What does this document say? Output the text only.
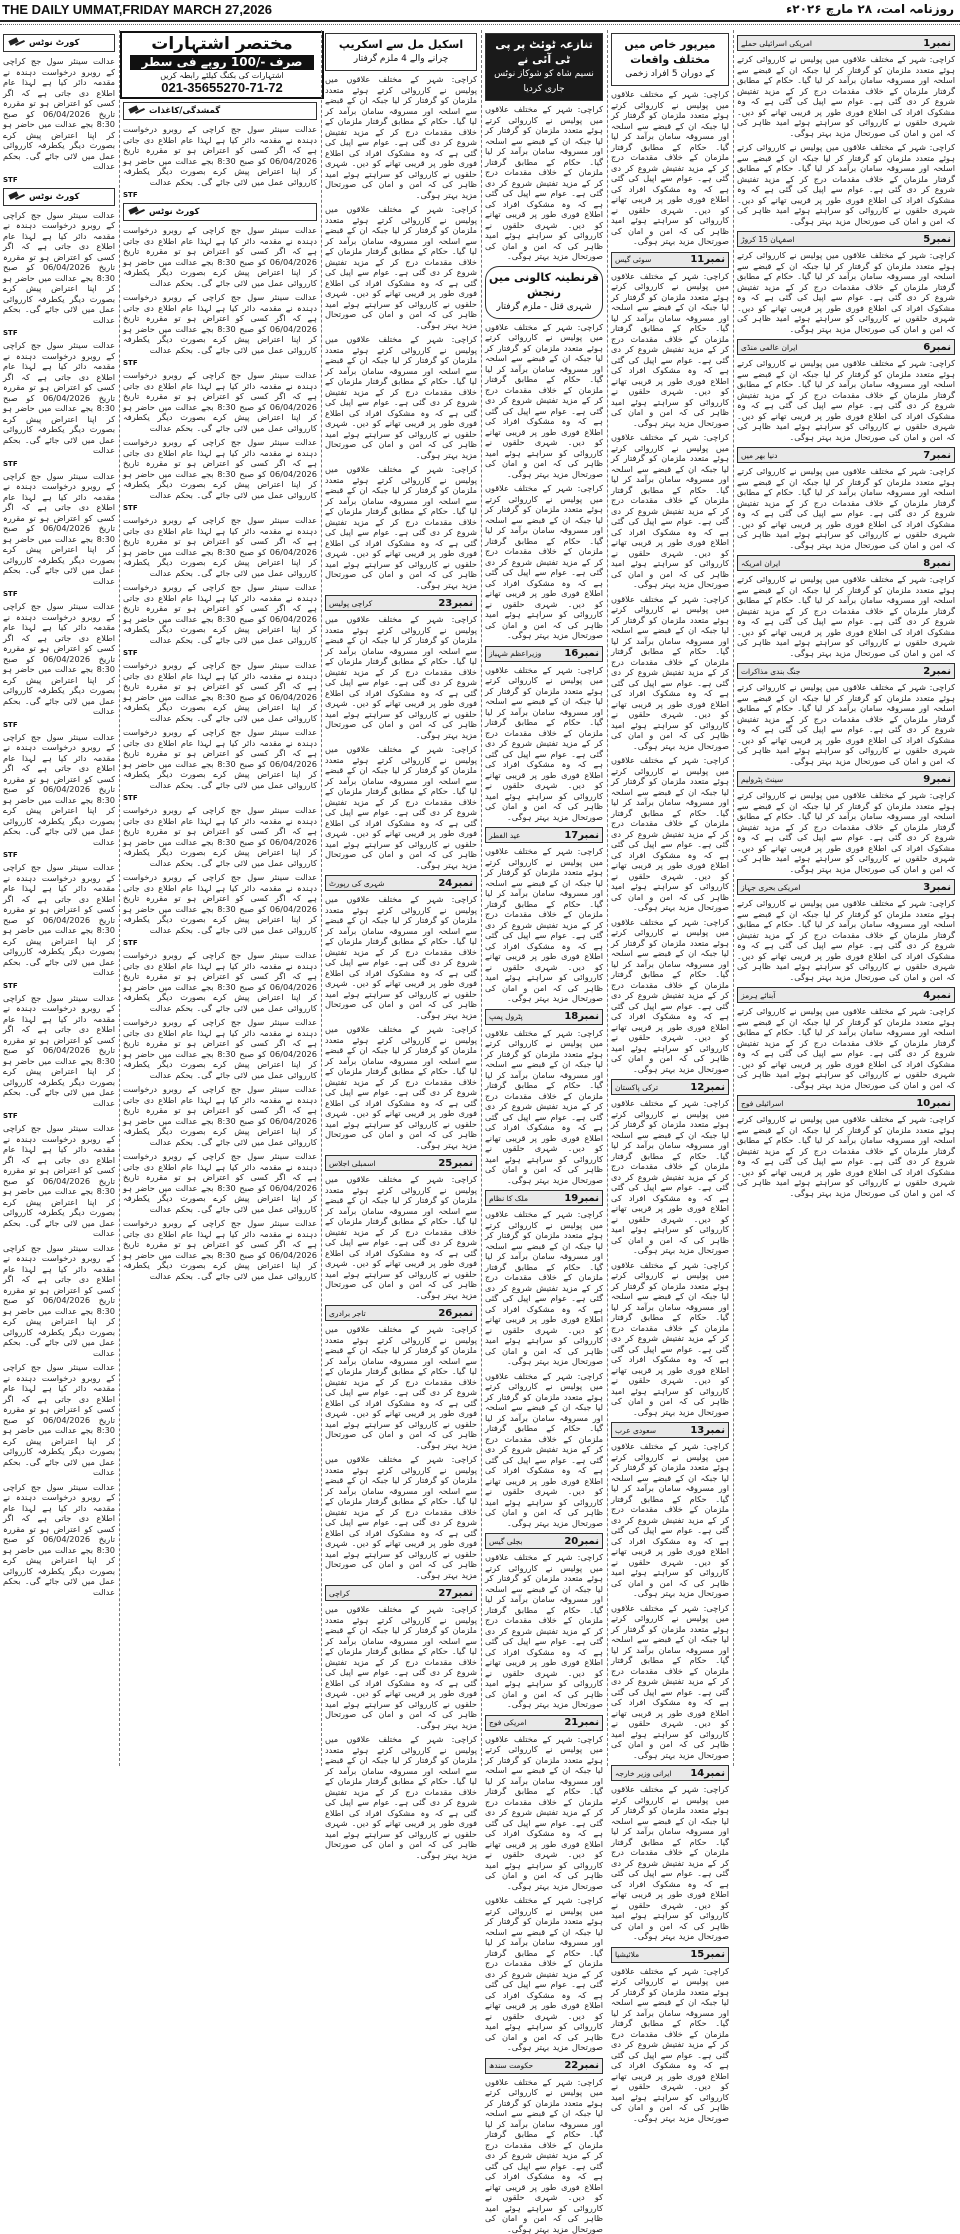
THE DAILY UMMAT,FRIDAY MARCH 27,2026	روزنامہ امت، ۲۸ مارچ ۲۰۲۶ء
مختصر اشتہارات
صرف -/100 روپے فی سطر
اشتہارات کی بکنگ کیلئے رابطہ کریں
021-35655270-71-72
کورٹ نوٹس

عدالت سینئر سول جج کراچی کے روبرو درخواست دہندہ نے مقدمہ دائر کیا ہے لہذا عام اطلاع دی جاتی ہے کہ اگر کسی کو اعتراض ہو تو مقررہ تاریخ 06/04/2026 کو صبح 8:30 بجے عدالت میں حاضر ہو کر اپنا اعتراض پیش کرے بصورت دیگر یکطرفہ کارروائی عمل میں لائی جائے گی۔ بحکم عدالت

STF
کورٹ نوٹس

عدالت سینئر سول جج کراچی کے روبرو درخواست دہندہ نے مقدمہ دائر کیا ہے لہذا عام اطلاع دی جاتی ہے کہ اگر کسی کو اعتراض ہو تو مقررہ تاریخ 06/04/2026 کو صبح 8:30 بجے عدالت میں حاضر ہو کر اپنا اعتراض پیش کرے بصورت دیگر یکطرفہ کارروائی عمل میں لائی جائے گی۔ بحکم عدالت

STF

عدالت سینئر سول جج کراچی کے روبرو درخواست دہندہ نے مقدمہ دائر کیا ہے لہذا عام اطلاع دی جاتی ہے کہ اگر کسی کو اعتراض ہو تو مقررہ تاریخ 06/04/2026 کو صبح 8:30 بجے عدالت میں حاضر ہو کر اپنا اعتراض پیش کرے بصورت دیگر یکطرفہ کارروائی عمل میں لائی جائے گی۔ بحکم عدالت

STF

عدالت سینئر سول جج کراچی کے روبرو درخواست دہندہ نے مقدمہ دائر کیا ہے لہذا عام اطلاع دی جاتی ہے کہ اگر کسی کو اعتراض ہو تو مقررہ تاریخ 06/04/2026 کو صبح 8:30 بجے عدالت میں حاضر ہو کر اپنا اعتراض پیش کرے بصورت دیگر یکطرفہ کارروائی عمل میں لائی جائے گی۔ بحکم عدالت

STF

عدالت سینئر سول جج کراچی کے روبرو درخواست دہندہ نے مقدمہ دائر کیا ہے لہذا عام اطلاع دی جاتی ہے کہ اگر کسی کو اعتراض ہو تو مقررہ تاریخ 06/04/2026 کو صبح 8:30 بجے عدالت میں حاضر ہو کر اپنا اعتراض پیش کرے بصورت دیگر یکطرفہ کارروائی عمل میں لائی جائے گی۔ بحکم عدالت

STF

عدالت سینئر سول جج کراچی کے روبرو درخواست دہندہ نے مقدمہ دائر کیا ہے لہذا عام اطلاع دی جاتی ہے کہ اگر کسی کو اعتراض ہو تو مقررہ تاریخ 06/04/2026 کو صبح 8:30 بجے عدالت میں حاضر ہو کر اپنا اعتراض پیش کرے بصورت دیگر یکطرفہ کارروائی عمل میں لائی جائے گی۔ بحکم عدالت

STF

عدالت سینئر سول جج کراچی کے روبرو درخواست دہندہ نے مقدمہ دائر کیا ہے لہذا عام اطلاع دی جاتی ہے کہ اگر کسی کو اعتراض ہو تو مقررہ تاریخ 06/04/2026 کو صبح 8:30 بجے عدالت میں حاضر ہو کر اپنا اعتراض پیش کرے بصورت دیگر یکطرفہ کارروائی عمل میں لائی جائے گی۔ بحکم عدالت

STF

عدالت سینئر سول جج کراچی کے روبرو درخواست دہندہ نے مقدمہ دائر کیا ہے لہذا عام اطلاع دی جاتی ہے کہ اگر کسی کو اعتراض ہو تو مقررہ تاریخ 06/04/2026 کو صبح 8:30 بجے عدالت میں حاضر ہو کر اپنا اعتراض پیش کرے بصورت دیگر یکطرفہ کارروائی عمل میں لائی جائے گی۔ بحکم عدالت

STF

عدالت سینئر سول جج کراچی کے روبرو درخواست دہندہ نے مقدمہ دائر کیا ہے لہذا عام اطلاع دی جاتی ہے کہ اگر کسی کو اعتراض ہو تو مقررہ تاریخ 06/04/2026 کو صبح 8:30 بجے عدالت میں حاضر ہو کر اپنا اعتراض پیش کرے بصورت دیگر یکطرفہ کارروائی عمل میں لائی جائے گی۔ بحکم عدالت

عدالت سینئر سول جج کراچی کے روبرو درخواست دہندہ نے مقدمہ دائر کیا ہے لہذا عام اطلاع دی جاتی ہے کہ اگر کسی کو اعتراض ہو تو مقررہ تاریخ 06/04/2026 کو صبح 8:30 بجے عدالت میں حاضر ہو کر اپنا اعتراض پیش کرے بصورت دیگر یکطرفہ کارروائی عمل میں لائی جائے گی۔ بحکم عدالت

عدالت سینئر سول جج کراچی کے روبرو درخواست دہندہ نے مقدمہ دائر کیا ہے لہذا عام اطلاع دی جاتی ہے کہ اگر کسی کو اعتراض ہو تو مقررہ تاریخ 06/04/2026 کو صبح 8:30 بجے عدالت میں حاضر ہو کر اپنا اعتراض پیش کرے بصورت دیگر یکطرفہ کارروائی عمل میں لائی جائے گی۔ بحکم عدالت

عدالت سینئر سول جج کراچی کے روبرو درخواست دہندہ نے مقدمہ دائر کیا ہے لہذا عام اطلاع دی جاتی ہے کہ اگر کسی کو اعتراض ہو تو مقررہ تاریخ 06/04/2026 کو صبح 8:30 بجے عدالت میں حاضر ہو کر اپنا اعتراض پیش کرے بصورت دیگر یکطرفہ کارروائی عمل میں لائی جائے گی۔ بحکم عدالت

گمشدگی/کاغذات

عدالت سینئر سول جج کراچی کے روبرو درخواست دہندہ نے مقدمہ دائر کیا ہے لہذا عام اطلاع دی جاتی ہے کہ اگر کسی کو اعتراض ہو تو مقررہ تاریخ 06/04/2026 کو صبح 8:30 بجے عدالت میں حاضر ہو کر اپنا اعتراض پیش کرے بصورت دیگر یکطرفہ کارروائی عمل میں لائی جائے گی۔ بحکم عدالت

STF
کورٹ نوٹس

عدالت سینئر سول جج کراچی کے روبرو درخواست دہندہ نے مقدمہ دائر کیا ہے لہذا عام اطلاع دی جاتی ہے کہ اگر کسی کو اعتراض ہو تو مقررہ تاریخ 06/04/2026 کو صبح 8:30 بجے عدالت میں حاضر ہو کر اپنا اعتراض پیش کرے بصورت دیگر یکطرفہ کارروائی عمل میں لائی جائے گی۔ بحکم عدالت

عدالت سینئر سول جج کراچی کے روبرو درخواست دہندہ نے مقدمہ دائر کیا ہے لہذا عام اطلاع دی جاتی ہے کہ اگر کسی کو اعتراض ہو تو مقررہ تاریخ 06/04/2026 کو صبح 8:30 بجے عدالت میں حاضر ہو کر اپنا اعتراض پیش کرے بصورت دیگر یکطرفہ کارروائی عمل میں لائی جائے گی۔ بحکم عدالت

STF

عدالت سینئر سول جج کراچی کے روبرو درخواست دہندہ نے مقدمہ دائر کیا ہے لہذا عام اطلاع دی جاتی ہے کہ اگر کسی کو اعتراض ہو تو مقررہ تاریخ 06/04/2026 کو صبح 8:30 بجے عدالت میں حاضر ہو کر اپنا اعتراض پیش کرے بصورت دیگر یکطرفہ کارروائی عمل میں لائی جائے گی۔ بحکم عدالت

عدالت سینئر سول جج کراچی کے روبرو درخواست دہندہ نے مقدمہ دائر کیا ہے لہذا عام اطلاع دی جاتی ہے کہ اگر کسی کو اعتراض ہو تو مقررہ تاریخ 06/04/2026 کو صبح 8:30 بجے عدالت میں حاضر ہو کر اپنا اعتراض پیش کرے بصورت دیگر یکطرفہ کارروائی عمل میں لائی جائے گی۔ بحکم عدالت

STF

عدالت سینئر سول جج کراچی کے روبرو درخواست دہندہ نے مقدمہ دائر کیا ہے لہذا عام اطلاع دی جاتی ہے کہ اگر کسی کو اعتراض ہو تو مقررہ تاریخ 06/04/2026 کو صبح 8:30 بجے عدالت میں حاضر ہو کر اپنا اعتراض پیش کرے بصورت دیگر یکطرفہ کارروائی عمل میں لائی جائے گی۔ بحکم عدالت

عدالت سینئر سول جج کراچی کے روبرو درخواست دہندہ نے مقدمہ دائر کیا ہے لہذا عام اطلاع دی جاتی ہے کہ اگر کسی کو اعتراض ہو تو مقررہ تاریخ 06/04/2026 کو صبح 8:30 بجے عدالت میں حاضر ہو کر اپنا اعتراض پیش کرے بصورت دیگر یکطرفہ کارروائی عمل میں لائی جائے گی۔ بحکم عدالت

STF

عدالت سینئر سول جج کراچی کے روبرو درخواست دہندہ نے مقدمہ دائر کیا ہے لہذا عام اطلاع دی جاتی ہے کہ اگر کسی کو اعتراض ہو تو مقررہ تاریخ 06/04/2026 کو صبح 8:30 بجے عدالت میں حاضر ہو کر اپنا اعتراض پیش کرے بصورت دیگر یکطرفہ کارروائی عمل میں لائی جائے گی۔ بحکم عدالت

عدالت سینئر سول جج کراچی کے روبرو درخواست دہندہ نے مقدمہ دائر کیا ہے لہذا عام اطلاع دی جاتی ہے کہ اگر کسی کو اعتراض ہو تو مقررہ تاریخ 06/04/2026 کو صبح 8:30 بجے عدالت میں حاضر ہو کر اپنا اعتراض پیش کرے بصورت دیگر یکطرفہ کارروائی عمل میں لائی جائے گی۔ بحکم عدالت

STF

عدالت سینئر سول جج کراچی کے روبرو درخواست دہندہ نے مقدمہ دائر کیا ہے لہذا عام اطلاع دی جاتی ہے کہ اگر کسی کو اعتراض ہو تو مقررہ تاریخ 06/04/2026 کو صبح 8:30 بجے عدالت میں حاضر ہو کر اپنا اعتراض پیش کرے بصورت دیگر یکطرفہ کارروائی عمل میں لائی جائے گی۔ بحکم عدالت

عدالت سینئر سول جج کراچی کے روبرو درخواست دہندہ نے مقدمہ دائر کیا ہے لہذا عام اطلاع دی جاتی ہے کہ اگر کسی کو اعتراض ہو تو مقررہ تاریخ 06/04/2026 کو صبح 8:30 بجے عدالت میں حاضر ہو کر اپنا اعتراض پیش کرے بصورت دیگر یکطرفہ کارروائی عمل میں لائی جائے گی۔ بحکم عدالت

STF

عدالت سینئر سول جج کراچی کے روبرو درخواست دہندہ نے مقدمہ دائر کیا ہے لہذا عام اطلاع دی جاتی ہے کہ اگر کسی کو اعتراض ہو تو مقررہ تاریخ 06/04/2026 کو صبح 8:30 بجے عدالت میں حاضر ہو کر اپنا اعتراض پیش کرے بصورت دیگر یکطرفہ کارروائی عمل میں لائی جائے گی۔ بحکم عدالت

عدالت سینئر سول جج کراچی کے روبرو درخواست دہندہ نے مقدمہ دائر کیا ہے لہذا عام اطلاع دی جاتی ہے کہ اگر کسی کو اعتراض ہو تو مقررہ تاریخ 06/04/2026 کو صبح 8:30 بجے عدالت میں حاضر ہو کر اپنا اعتراض پیش کرے بصورت دیگر یکطرفہ کارروائی عمل میں لائی جائے گی۔ بحکم عدالت

عدالت سینئر سول جج کراچی کے روبرو درخواست دہندہ نے مقدمہ دائر کیا ہے لہذا عام اطلاع دی جاتی ہے کہ اگر کسی کو اعتراض ہو تو مقررہ تاریخ 06/04/2026 کو صبح 8:30 بجے عدالت میں حاضر ہو کر اپنا اعتراض پیش کرے بصورت دیگر یکطرفہ کارروائی عمل میں لائی جائے گی۔ بحکم عدالت

عدالت سینئر سول جج کراچی کے روبرو درخواست دہندہ نے مقدمہ دائر کیا ہے لہذا عام اطلاع دی جاتی ہے کہ اگر کسی کو اعتراض ہو تو مقررہ تاریخ 06/04/2026 کو صبح 8:30 بجے عدالت میں حاضر ہو کر اپنا اعتراض پیش کرے بصورت دیگر یکطرفہ کارروائی عمل میں لائی جائے گی۔ بحکم عدالت

عدالت سینئر سول جج کراچی کے روبرو درخواست دہندہ نے مقدمہ دائر کیا ہے لہذا عام اطلاع دی جاتی ہے کہ اگر کسی کو اعتراض ہو تو مقررہ تاریخ 06/04/2026 کو صبح 8:30 بجے عدالت میں حاضر ہو کر اپنا اعتراض پیش کرے بصورت دیگر یکطرفہ کارروائی عمل میں لائی جائے گی۔ بحکم عدالت

اسکیل مل سے اسکریپ
چرانے والے 4 ملزم گرفتار

کراچی: شہر کے مختلف علاقوں میں پولیس نے کارروائی کرتے ہوئے متعدد ملزمان کو گرفتار کر لیا جبکہ ان کے قبضے سے اسلحہ اور مسروقہ سامان برآمد کر لیا گیا۔ حکام کے مطابق گرفتار ملزمان کے خلاف مقدمات درج کر کے مزید تفتیش شروع کر دی گئی ہے۔ عوام سے اپیل کی گئی ہے کہ وہ مشکوک افراد کی اطلاع فوری طور پر قریبی تھانے کو دیں۔ شہری حلقوں نے کارروائی کو سراہتے ہوئے امید ظاہر کی کہ امن و امان کی صورتحال مزید بہتر ہوگی۔

کراچی: شہر کے مختلف علاقوں میں پولیس نے کارروائی کرتے ہوئے متعدد ملزمان کو گرفتار کر لیا جبکہ ان کے قبضے سے اسلحہ اور مسروقہ سامان برآمد کر لیا گیا۔ حکام کے مطابق گرفتار ملزمان کے خلاف مقدمات درج کر کے مزید تفتیش شروع کر دی گئی ہے۔ عوام سے اپیل کی گئی ہے کہ وہ مشکوک افراد کی اطلاع فوری طور پر قریبی تھانے کو دیں۔ شہری حلقوں نے کارروائی کو سراہتے ہوئے امید ظاہر کی کہ امن و امان کی صورتحال مزید بہتر ہوگی۔

کراچی: شہر کے مختلف علاقوں میں پولیس نے کارروائی کرتے ہوئے متعدد ملزمان کو گرفتار کر لیا جبکہ ان کے قبضے سے اسلحہ اور مسروقہ سامان برآمد کر لیا گیا۔ حکام کے مطابق گرفتار ملزمان کے خلاف مقدمات درج کر کے مزید تفتیش شروع کر دی گئی ہے۔ عوام سے اپیل کی گئی ہے کہ وہ مشکوک افراد کی اطلاع فوری طور پر قریبی تھانے کو دیں۔ شہری حلقوں نے کارروائی کو سراہتے ہوئے امید ظاہر کی کہ امن و امان کی صورتحال مزید بہتر ہوگی۔

کراچی: شہر کے مختلف علاقوں میں پولیس نے کارروائی کرتے ہوئے متعدد ملزمان کو گرفتار کر لیا جبکہ ان کے قبضے سے اسلحہ اور مسروقہ سامان برآمد کر لیا گیا۔ حکام کے مطابق گرفتار ملزمان کے خلاف مقدمات درج کر کے مزید تفتیش شروع کر دی گئی ہے۔ عوام سے اپیل کی گئی ہے کہ وہ مشکوک افراد کی اطلاع فوری طور پر قریبی تھانے کو دیں۔ شہری حلقوں نے کارروائی کو سراہتے ہوئے امید ظاہر کی کہ امن و امان کی صورتحال مزید بہتر ہوگی۔

نمبر23
کراچی پولیس

کراچی: شہر کے مختلف علاقوں میں پولیس نے کارروائی کرتے ہوئے متعدد ملزمان کو گرفتار کر لیا جبکہ ان کے قبضے سے اسلحہ اور مسروقہ سامان برآمد کر لیا گیا۔ حکام کے مطابق گرفتار ملزمان کے خلاف مقدمات درج کر کے مزید تفتیش شروع کر دی گئی ہے۔ عوام سے اپیل کی گئی ہے کہ وہ مشکوک افراد کی اطلاع فوری طور پر قریبی تھانے کو دیں۔ شہری حلقوں نے کارروائی کو سراہتے ہوئے امید ظاہر کی کہ امن و امان کی صورتحال مزید بہتر ہوگی۔

کراچی: شہر کے مختلف علاقوں میں پولیس نے کارروائی کرتے ہوئے متعدد ملزمان کو گرفتار کر لیا جبکہ ان کے قبضے سے اسلحہ اور مسروقہ سامان برآمد کر لیا گیا۔ حکام کے مطابق گرفتار ملزمان کے خلاف مقدمات درج کر کے مزید تفتیش شروع کر دی گئی ہے۔ عوام سے اپیل کی گئی ہے کہ وہ مشکوک افراد کی اطلاع فوری طور پر قریبی تھانے کو دیں۔ شہری حلقوں نے کارروائی کو سراہتے ہوئے امید ظاہر کی کہ امن و امان کی صورتحال مزید بہتر ہوگی۔

نمبر24
شہری کی رپورٹ

کراچی: شہر کے مختلف علاقوں میں پولیس نے کارروائی کرتے ہوئے متعدد ملزمان کو گرفتار کر لیا جبکہ ان کے قبضے سے اسلحہ اور مسروقہ سامان برآمد کر لیا گیا۔ حکام کے مطابق گرفتار ملزمان کے خلاف مقدمات درج کر کے مزید تفتیش شروع کر دی گئی ہے۔ عوام سے اپیل کی گئی ہے کہ وہ مشکوک افراد کی اطلاع فوری طور پر قریبی تھانے کو دیں۔ شہری حلقوں نے کارروائی کو سراہتے ہوئے امید ظاہر کی کہ امن و امان کی صورتحال مزید بہتر ہوگی۔

کراچی: شہر کے مختلف علاقوں میں پولیس نے کارروائی کرتے ہوئے متعدد ملزمان کو گرفتار کر لیا جبکہ ان کے قبضے سے اسلحہ اور مسروقہ سامان برآمد کر لیا گیا۔ حکام کے مطابق گرفتار ملزمان کے خلاف مقدمات درج کر کے مزید تفتیش شروع کر دی گئی ہے۔ عوام سے اپیل کی گئی ہے کہ وہ مشکوک افراد کی اطلاع فوری طور پر قریبی تھانے کو دیں۔ شہری حلقوں نے کارروائی کو سراہتے ہوئے امید ظاہر کی کہ امن و امان کی صورتحال مزید بہتر ہوگی۔

نمبر25
اسمبلی اجلاس

کراچی: شہر کے مختلف علاقوں میں پولیس نے کارروائی کرتے ہوئے متعدد ملزمان کو گرفتار کر لیا جبکہ ان کے قبضے سے اسلحہ اور مسروقہ سامان برآمد کر لیا گیا۔ حکام کے مطابق گرفتار ملزمان کے خلاف مقدمات درج کر کے مزید تفتیش شروع کر دی گئی ہے۔ عوام سے اپیل کی گئی ہے کہ وہ مشکوک افراد کی اطلاع فوری طور پر قریبی تھانے کو دیں۔ شہری حلقوں نے کارروائی کو سراہتے ہوئے امید ظاہر کی کہ امن و امان کی صورتحال مزید بہتر ہوگی۔

نمبر26
تاجر برادری

کراچی: شہر کے مختلف علاقوں میں پولیس نے کارروائی کرتے ہوئے متعدد ملزمان کو گرفتار کر لیا جبکہ ان کے قبضے سے اسلحہ اور مسروقہ سامان برآمد کر لیا گیا۔ حکام کے مطابق گرفتار ملزمان کے خلاف مقدمات درج کر کے مزید تفتیش شروع کر دی گئی ہے۔ عوام سے اپیل کی گئی ہے کہ وہ مشکوک افراد کی اطلاع فوری طور پر قریبی تھانے کو دیں۔ شہری حلقوں نے کارروائی کو سراہتے ہوئے امید ظاہر کی کہ امن و امان کی صورتحال مزید بہتر ہوگی۔

کراچی: شہر کے مختلف علاقوں میں پولیس نے کارروائی کرتے ہوئے متعدد ملزمان کو گرفتار کر لیا جبکہ ان کے قبضے سے اسلحہ اور مسروقہ سامان برآمد کر لیا گیا۔ حکام کے مطابق گرفتار ملزمان کے خلاف مقدمات درج کر کے مزید تفتیش شروع کر دی گئی ہے۔ عوام سے اپیل کی گئی ہے کہ وہ مشکوک افراد کی اطلاع فوری طور پر قریبی تھانے کو دیں۔ شہری حلقوں نے کارروائی کو سراہتے ہوئے امید ظاہر کی کہ امن و امان کی صورتحال مزید بہتر ہوگی۔

نمبر27
کراچی

کراچی: شہر کے مختلف علاقوں میں پولیس نے کارروائی کرتے ہوئے متعدد ملزمان کو گرفتار کر لیا جبکہ ان کے قبضے سے اسلحہ اور مسروقہ سامان برآمد کر لیا گیا۔ حکام کے مطابق گرفتار ملزمان کے خلاف مقدمات درج کر کے مزید تفتیش شروع کر دی گئی ہے۔ عوام سے اپیل کی گئی ہے کہ وہ مشکوک افراد کی اطلاع فوری طور پر قریبی تھانے کو دیں۔ شہری حلقوں نے کارروائی کو سراہتے ہوئے امید ظاہر کی کہ امن و امان کی صورتحال مزید بہتر ہوگی۔

کراچی: شہر کے مختلف علاقوں میں پولیس نے کارروائی کرتے ہوئے متعدد ملزمان کو گرفتار کر لیا جبکہ ان کے قبضے سے اسلحہ اور مسروقہ سامان برآمد کر لیا گیا۔ حکام کے مطابق گرفتار ملزمان کے خلاف مقدمات درج کر کے مزید تفتیش شروع کر دی گئی ہے۔ عوام سے اپیل کی گئی ہے کہ وہ مشکوک افراد کی اطلاع فوری طور پر قریبی تھانے کو دیں۔ شہری حلقوں نے کارروائی کو سراہتے ہوئے امید ظاہر کی کہ امن و امان کی صورتحال مزید بہتر ہوگی۔

تنازعہ ٹوئٹ پر پی ٹی آئی نے
نسیم شاہ کو شوکاز نوٹس جاری کردیا

کراچی: شہر کے مختلف علاقوں میں پولیس نے کارروائی کرتے ہوئے متعدد ملزمان کو گرفتار کر لیا جبکہ ان کے قبضے سے اسلحہ اور مسروقہ سامان برآمد کر لیا گیا۔ حکام کے مطابق گرفتار ملزمان کے خلاف مقدمات درج کر کے مزید تفتیش شروع کر دی گئی ہے۔ عوام سے اپیل کی گئی ہے کہ وہ مشکوک افراد کی اطلاع فوری طور پر قریبی تھانے کو دیں۔ شہری حلقوں نے کارروائی کو سراہتے ہوئے امید ظاہر کی کہ امن و امان کی صورتحال مزید بہتر ہوگی۔

قرنطینہ کالونی میں رنجش
شہری قتل - ملزم گرفتار

کراچی: شہر کے مختلف علاقوں میں پولیس نے کارروائی کرتے ہوئے متعدد ملزمان کو گرفتار کر لیا جبکہ ان کے قبضے سے اسلحہ اور مسروقہ سامان برآمد کر لیا گیا۔ حکام کے مطابق گرفتار ملزمان کے خلاف مقدمات درج کر کے مزید تفتیش شروع کر دی گئی ہے۔ عوام سے اپیل کی گئی ہے کہ وہ مشکوک افراد کی اطلاع فوری طور پر قریبی تھانے کو دیں۔ شہری حلقوں نے کارروائی کو سراہتے ہوئے امید ظاہر کی کہ امن و امان کی صورتحال مزید بہتر ہوگی۔

کراچی: شہر کے مختلف علاقوں میں پولیس نے کارروائی کرتے ہوئے متعدد ملزمان کو گرفتار کر لیا جبکہ ان کے قبضے سے اسلحہ اور مسروقہ سامان برآمد کر لیا گیا۔ حکام کے مطابق گرفتار ملزمان کے خلاف مقدمات درج کر کے مزید تفتیش شروع کر دی گئی ہے۔ عوام سے اپیل کی گئی ہے کہ وہ مشکوک افراد کی اطلاع فوری طور پر قریبی تھانے کو دیں۔ شہری حلقوں نے کارروائی کو سراہتے ہوئے امید ظاہر کی کہ امن و امان کی صورتحال مزید بہتر ہوگی۔

نمبر16
وزیراعظم شہباز

کراچی: شہر کے مختلف علاقوں میں پولیس نے کارروائی کرتے ہوئے متعدد ملزمان کو گرفتار کر لیا جبکہ ان کے قبضے سے اسلحہ اور مسروقہ سامان برآمد کر لیا گیا۔ حکام کے مطابق گرفتار ملزمان کے خلاف مقدمات درج کر کے مزید تفتیش شروع کر دی گئی ہے۔ عوام سے اپیل کی گئی ہے کہ وہ مشکوک افراد کی اطلاع فوری طور پر قریبی تھانے کو دیں۔ شہری حلقوں نے کارروائی کو سراہتے ہوئے امید ظاہر کی کہ امن و امان کی صورتحال مزید بہتر ہوگی۔

نمبر17
عید الفطر

کراچی: شہر کے مختلف علاقوں میں پولیس نے کارروائی کرتے ہوئے متعدد ملزمان کو گرفتار کر لیا جبکہ ان کے قبضے سے اسلحہ اور مسروقہ سامان برآمد کر لیا گیا۔ حکام کے مطابق گرفتار ملزمان کے خلاف مقدمات درج کر کے مزید تفتیش شروع کر دی گئی ہے۔ عوام سے اپیل کی گئی ہے کہ وہ مشکوک افراد کی اطلاع فوری طور پر قریبی تھانے کو دیں۔ شہری حلقوں نے کارروائی کو سراہتے ہوئے امید ظاہر کی کہ امن و امان کی صورتحال مزید بہتر ہوگی۔

نمبر18
پٹرول پمپ

کراچی: شہر کے مختلف علاقوں میں پولیس نے کارروائی کرتے ہوئے متعدد ملزمان کو گرفتار کر لیا جبکہ ان کے قبضے سے اسلحہ اور مسروقہ سامان برآمد کر لیا گیا۔ حکام کے مطابق گرفتار ملزمان کے خلاف مقدمات درج کر کے مزید تفتیش شروع کر دی گئی ہے۔ عوام سے اپیل کی گئی ہے کہ وہ مشکوک افراد کی اطلاع فوری طور پر قریبی تھانے کو دیں۔ شہری حلقوں نے کارروائی کو سراہتے ہوئے امید ظاہر کی کہ امن و امان کی صورتحال مزید بہتر ہوگی۔

نمبر19
ملک کا نظام

کراچی: شہر کے مختلف علاقوں میں پولیس نے کارروائی کرتے ہوئے متعدد ملزمان کو گرفتار کر لیا جبکہ ان کے قبضے سے اسلحہ اور مسروقہ سامان برآمد کر لیا گیا۔ حکام کے مطابق گرفتار ملزمان کے خلاف مقدمات درج کر کے مزید تفتیش شروع کر دی گئی ہے۔ عوام سے اپیل کی گئی ہے کہ وہ مشکوک افراد کی اطلاع فوری طور پر قریبی تھانے کو دیں۔ شہری حلقوں نے کارروائی کو سراہتے ہوئے امید ظاہر کی کہ امن و امان کی صورتحال مزید بہتر ہوگی۔

کراچی: شہر کے مختلف علاقوں میں پولیس نے کارروائی کرتے ہوئے متعدد ملزمان کو گرفتار کر لیا جبکہ ان کے قبضے سے اسلحہ اور مسروقہ سامان برآمد کر لیا گیا۔ حکام کے مطابق گرفتار ملزمان کے خلاف مقدمات درج کر کے مزید تفتیش شروع کر دی گئی ہے۔ عوام سے اپیل کی گئی ہے کہ وہ مشکوک افراد کی اطلاع فوری طور پر قریبی تھانے کو دیں۔ شہری حلقوں نے کارروائی کو سراہتے ہوئے امید ظاہر کی کہ امن و امان کی صورتحال مزید بہتر ہوگی۔

نمبر20
بجلی گیس

کراچی: شہر کے مختلف علاقوں میں پولیس نے کارروائی کرتے ہوئے متعدد ملزمان کو گرفتار کر لیا جبکہ ان کے قبضے سے اسلحہ اور مسروقہ سامان برآمد کر لیا گیا۔ حکام کے مطابق گرفتار ملزمان کے خلاف مقدمات درج کر کے مزید تفتیش شروع کر دی گئی ہے۔ عوام سے اپیل کی گئی ہے کہ وہ مشکوک افراد کی اطلاع فوری طور پر قریبی تھانے کو دیں۔ شہری حلقوں نے کارروائی کو سراہتے ہوئے امید ظاہر کی کہ امن و امان کی صورتحال مزید بہتر ہوگی۔

نمبر21
امریکی فوج

کراچی: شہر کے مختلف علاقوں میں پولیس نے کارروائی کرتے ہوئے متعدد ملزمان کو گرفتار کر لیا جبکہ ان کے قبضے سے اسلحہ اور مسروقہ سامان برآمد کر لیا گیا۔ حکام کے مطابق گرفتار ملزمان کے خلاف مقدمات درج کر کے مزید تفتیش شروع کر دی گئی ہے۔ عوام سے اپیل کی گئی ہے کہ وہ مشکوک افراد کی اطلاع فوری طور پر قریبی تھانے کو دیں۔ شہری حلقوں نے کارروائی کو سراہتے ہوئے امید ظاہر کی کہ امن و امان کی صورتحال مزید بہتر ہوگی۔

کراچی: شہر کے مختلف علاقوں میں پولیس نے کارروائی کرتے ہوئے متعدد ملزمان کو گرفتار کر لیا جبکہ ان کے قبضے سے اسلحہ اور مسروقہ سامان برآمد کر لیا گیا۔ حکام کے مطابق گرفتار ملزمان کے خلاف مقدمات درج کر کے مزید تفتیش شروع کر دی گئی ہے۔ عوام سے اپیل کی گئی ہے کہ وہ مشکوک افراد کی اطلاع فوری طور پر قریبی تھانے کو دیں۔ شہری حلقوں نے کارروائی کو سراہتے ہوئے امید ظاہر کی کہ امن و امان کی صورتحال مزید بہتر ہوگی۔

نمبر22
حکومت سندھ

کراچی: شہر کے مختلف علاقوں میں پولیس نے کارروائی کرتے ہوئے متعدد ملزمان کو گرفتار کر لیا جبکہ ان کے قبضے سے اسلحہ اور مسروقہ سامان برآمد کر لیا گیا۔ حکام کے مطابق گرفتار ملزمان کے خلاف مقدمات درج کر کے مزید تفتیش شروع کر دی گئی ہے۔ عوام سے اپیل کی گئی ہے کہ وہ مشکوک افراد کی اطلاع فوری طور پر قریبی تھانے کو دیں۔ شہری حلقوں نے کارروائی کو سراہتے ہوئے امید ظاہر کی کہ امن و امان کی صورتحال مزید بہتر ہوگی۔

میرپور خاص میں مختلف واقعات
کے دوران 5 افراد زخمی

کراچی: شہر کے مختلف علاقوں میں پولیس نے کارروائی کرتے ہوئے متعدد ملزمان کو گرفتار کر لیا جبکہ ان کے قبضے سے اسلحہ اور مسروقہ سامان برآمد کر لیا گیا۔ حکام کے مطابق گرفتار ملزمان کے خلاف مقدمات درج کر کے مزید تفتیش شروع کر دی گئی ہے۔ عوام سے اپیل کی گئی ہے کہ وہ مشکوک افراد کی اطلاع فوری طور پر قریبی تھانے کو دیں۔ شہری حلقوں نے کارروائی کو سراہتے ہوئے امید ظاہر کی کہ امن و امان کی صورتحال مزید بہتر ہوگی۔

نمبر11
سوئی گیس

کراچی: شہر کے مختلف علاقوں میں پولیس نے کارروائی کرتے ہوئے متعدد ملزمان کو گرفتار کر لیا جبکہ ان کے قبضے سے اسلحہ اور مسروقہ سامان برآمد کر لیا گیا۔ حکام کے مطابق گرفتار ملزمان کے خلاف مقدمات درج کر کے مزید تفتیش شروع کر دی گئی ہے۔ عوام سے اپیل کی گئی ہے کہ وہ مشکوک افراد کی اطلاع فوری طور پر قریبی تھانے کو دیں۔ شہری حلقوں نے کارروائی کو سراہتے ہوئے امید ظاہر کی کہ امن و امان کی صورتحال مزید بہتر ہوگی۔

کراچی: شہر کے مختلف علاقوں میں پولیس نے کارروائی کرتے ہوئے متعدد ملزمان کو گرفتار کر لیا جبکہ ان کے قبضے سے اسلحہ اور مسروقہ سامان برآمد کر لیا گیا۔ حکام کے مطابق گرفتار ملزمان کے خلاف مقدمات درج کر کے مزید تفتیش شروع کر دی گئی ہے۔ عوام سے اپیل کی گئی ہے کہ وہ مشکوک افراد کی اطلاع فوری طور پر قریبی تھانے کو دیں۔ شہری حلقوں نے کارروائی کو سراہتے ہوئے امید ظاہر کی کہ امن و امان کی صورتحال مزید بہتر ہوگی۔

کراچی: شہر کے مختلف علاقوں میں پولیس نے کارروائی کرتے ہوئے متعدد ملزمان کو گرفتار کر لیا جبکہ ان کے قبضے سے اسلحہ اور مسروقہ سامان برآمد کر لیا گیا۔ حکام کے مطابق گرفتار ملزمان کے خلاف مقدمات درج کر کے مزید تفتیش شروع کر دی گئی ہے۔ عوام سے اپیل کی گئی ہے کہ وہ مشکوک افراد کی اطلاع فوری طور پر قریبی تھانے کو دیں۔ شہری حلقوں نے کارروائی کو سراہتے ہوئے امید ظاہر کی کہ امن و امان کی صورتحال مزید بہتر ہوگی۔

کراچی: شہر کے مختلف علاقوں میں پولیس نے کارروائی کرتے ہوئے متعدد ملزمان کو گرفتار کر لیا جبکہ ان کے قبضے سے اسلحہ اور مسروقہ سامان برآمد کر لیا گیا۔ حکام کے مطابق گرفتار ملزمان کے خلاف مقدمات درج کر کے مزید تفتیش شروع کر دی گئی ہے۔ عوام سے اپیل کی گئی ہے کہ وہ مشکوک افراد کی اطلاع فوری طور پر قریبی تھانے کو دیں۔ شہری حلقوں نے کارروائی کو سراہتے ہوئے امید ظاہر کی کہ امن و امان کی صورتحال مزید بہتر ہوگی۔

کراچی: شہر کے مختلف علاقوں میں پولیس نے کارروائی کرتے ہوئے متعدد ملزمان کو گرفتار کر لیا جبکہ ان کے قبضے سے اسلحہ اور مسروقہ سامان برآمد کر لیا گیا۔ حکام کے مطابق گرفتار ملزمان کے خلاف مقدمات درج کر کے مزید تفتیش شروع کر دی گئی ہے۔ عوام سے اپیل کی گئی ہے کہ وہ مشکوک افراد کی اطلاع فوری طور پر قریبی تھانے کو دیں۔ شہری حلقوں نے کارروائی کو سراہتے ہوئے امید ظاہر کی کہ امن و امان کی صورتحال مزید بہتر ہوگی۔

نمبر12
ترکی پاکستان

کراچی: شہر کے مختلف علاقوں میں پولیس نے کارروائی کرتے ہوئے متعدد ملزمان کو گرفتار کر لیا جبکہ ان کے قبضے سے اسلحہ اور مسروقہ سامان برآمد کر لیا گیا۔ حکام کے مطابق گرفتار ملزمان کے خلاف مقدمات درج کر کے مزید تفتیش شروع کر دی گئی ہے۔ عوام سے اپیل کی گئی ہے کہ وہ مشکوک افراد کی اطلاع فوری طور پر قریبی تھانے کو دیں۔ شہری حلقوں نے کارروائی کو سراہتے ہوئے امید ظاہر کی کہ امن و امان کی صورتحال مزید بہتر ہوگی۔

کراچی: شہر کے مختلف علاقوں میں پولیس نے کارروائی کرتے ہوئے متعدد ملزمان کو گرفتار کر لیا جبکہ ان کے قبضے سے اسلحہ اور مسروقہ سامان برآمد کر لیا گیا۔ حکام کے مطابق گرفتار ملزمان کے خلاف مقدمات درج کر کے مزید تفتیش شروع کر دی گئی ہے۔ عوام سے اپیل کی گئی ہے کہ وہ مشکوک افراد کی اطلاع فوری طور پر قریبی تھانے کو دیں۔ شہری حلقوں نے کارروائی کو سراہتے ہوئے امید ظاہر کی کہ امن و امان کی صورتحال مزید بہتر ہوگی۔

نمبر13
سعودی عرب

کراچی: شہر کے مختلف علاقوں میں پولیس نے کارروائی کرتے ہوئے متعدد ملزمان کو گرفتار کر لیا جبکہ ان کے قبضے سے اسلحہ اور مسروقہ سامان برآمد کر لیا گیا۔ حکام کے مطابق گرفتار ملزمان کے خلاف مقدمات درج کر کے مزید تفتیش شروع کر دی گئی ہے۔ عوام سے اپیل کی گئی ہے کہ وہ مشکوک افراد کی اطلاع فوری طور پر قریبی تھانے کو دیں۔ شہری حلقوں نے کارروائی کو سراہتے ہوئے امید ظاہر کی کہ امن و امان کی صورتحال مزید بہتر ہوگی۔

کراچی: شہر کے مختلف علاقوں میں پولیس نے کارروائی کرتے ہوئے متعدد ملزمان کو گرفتار کر لیا جبکہ ان کے قبضے سے اسلحہ اور مسروقہ سامان برآمد کر لیا گیا۔ حکام کے مطابق گرفتار ملزمان کے خلاف مقدمات درج کر کے مزید تفتیش شروع کر دی گئی ہے۔ عوام سے اپیل کی گئی ہے کہ وہ مشکوک افراد کی اطلاع فوری طور پر قریبی تھانے کو دیں۔ شہری حلقوں نے کارروائی کو سراہتے ہوئے امید ظاہر کی کہ امن و امان کی صورتحال مزید بہتر ہوگی۔

نمبر14
ایرانی وزیر خارجہ

کراچی: شہر کے مختلف علاقوں میں پولیس نے کارروائی کرتے ہوئے متعدد ملزمان کو گرفتار کر لیا جبکہ ان کے قبضے سے اسلحہ اور مسروقہ سامان برآمد کر لیا گیا۔ حکام کے مطابق گرفتار ملزمان کے خلاف مقدمات درج کر کے مزید تفتیش شروع کر دی گئی ہے۔ عوام سے اپیل کی گئی ہے کہ وہ مشکوک افراد کی اطلاع فوری طور پر قریبی تھانے کو دیں۔ شہری حلقوں نے کارروائی کو سراہتے ہوئے امید ظاہر کی کہ امن و امان کی صورتحال مزید بہتر ہوگی۔

نمبر15
ملائیشیا

کراچی: شہر کے مختلف علاقوں میں پولیس نے کارروائی کرتے ہوئے متعدد ملزمان کو گرفتار کر لیا جبکہ ان کے قبضے سے اسلحہ اور مسروقہ سامان برآمد کر لیا گیا۔ حکام کے مطابق گرفتار ملزمان کے خلاف مقدمات درج کر کے مزید تفتیش شروع کر دی گئی ہے۔ عوام سے اپیل کی گئی ہے کہ وہ مشکوک افراد کی اطلاع فوری طور پر قریبی تھانے کو دیں۔ شہری حلقوں نے کارروائی کو سراہتے ہوئے امید ظاہر کی کہ امن و امان کی صورتحال مزید بہتر ہوگی۔

نمبر1
امریکی اسرائیلی حملے

کراچی: شہر کے مختلف علاقوں میں پولیس نے کارروائی کرتے ہوئے متعدد ملزمان کو گرفتار کر لیا جبکہ ان کے قبضے سے اسلحہ اور مسروقہ سامان برآمد کر لیا گیا۔ حکام کے مطابق گرفتار ملزمان کے خلاف مقدمات درج کر کے مزید تفتیش شروع کر دی گئی ہے۔ عوام سے اپیل کی گئی ہے کہ وہ مشکوک افراد کی اطلاع فوری طور پر قریبی تھانے کو دیں۔ شہری حلقوں نے کارروائی کو سراہتے ہوئے امید ظاہر کی کہ امن و امان کی صورتحال مزید بہتر ہوگی۔

کراچی: شہر کے مختلف علاقوں میں پولیس نے کارروائی کرتے ہوئے متعدد ملزمان کو گرفتار کر لیا جبکہ ان کے قبضے سے اسلحہ اور مسروقہ سامان برآمد کر لیا گیا۔ حکام کے مطابق گرفتار ملزمان کے خلاف مقدمات درج کر کے مزید تفتیش شروع کر دی گئی ہے۔ عوام سے اپیل کی گئی ہے کہ وہ مشکوک افراد کی اطلاع فوری طور پر قریبی تھانے کو دیں۔ شہری حلقوں نے کارروائی کو سراہتے ہوئے امید ظاہر کی کہ امن و امان کی صورتحال مزید بہتر ہوگی۔

نمبر5
اصفہان 15 کروڑ

کراچی: شہر کے مختلف علاقوں میں پولیس نے کارروائی کرتے ہوئے متعدد ملزمان کو گرفتار کر لیا جبکہ ان کے قبضے سے اسلحہ اور مسروقہ سامان برآمد کر لیا گیا۔ حکام کے مطابق گرفتار ملزمان کے خلاف مقدمات درج کر کے مزید تفتیش شروع کر دی گئی ہے۔ عوام سے اپیل کی گئی ہے کہ وہ مشکوک افراد کی اطلاع فوری طور پر قریبی تھانے کو دیں۔ شہری حلقوں نے کارروائی کو سراہتے ہوئے امید ظاہر کی کہ امن و امان کی صورتحال مزید بہتر ہوگی۔

نمبر6
ایران عالمی منڈی

کراچی: شہر کے مختلف علاقوں میں پولیس نے کارروائی کرتے ہوئے متعدد ملزمان کو گرفتار کر لیا جبکہ ان کے قبضے سے اسلحہ اور مسروقہ سامان برآمد کر لیا گیا۔ حکام کے مطابق گرفتار ملزمان کے خلاف مقدمات درج کر کے مزید تفتیش شروع کر دی گئی ہے۔ عوام سے اپیل کی گئی ہے کہ وہ مشکوک افراد کی اطلاع فوری طور پر قریبی تھانے کو دیں۔ شہری حلقوں نے کارروائی کو سراہتے ہوئے امید ظاہر کی کہ امن و امان کی صورتحال مزید بہتر ہوگی۔

نمبر7
دنیا بھر میں

کراچی: شہر کے مختلف علاقوں میں پولیس نے کارروائی کرتے ہوئے متعدد ملزمان کو گرفتار کر لیا جبکہ ان کے قبضے سے اسلحہ اور مسروقہ سامان برآمد کر لیا گیا۔ حکام کے مطابق گرفتار ملزمان کے خلاف مقدمات درج کر کے مزید تفتیش شروع کر دی گئی ہے۔ عوام سے اپیل کی گئی ہے کہ وہ مشکوک افراد کی اطلاع فوری طور پر قریبی تھانے کو دیں۔ شہری حلقوں نے کارروائی کو سراہتے ہوئے امید ظاہر کی کہ امن و امان کی صورتحال مزید بہتر ہوگی۔

نمبر8
ایران امریکہ

کراچی: شہر کے مختلف علاقوں میں پولیس نے کارروائی کرتے ہوئے متعدد ملزمان کو گرفتار کر لیا جبکہ ان کے قبضے سے اسلحہ اور مسروقہ سامان برآمد کر لیا گیا۔ حکام کے مطابق گرفتار ملزمان کے خلاف مقدمات درج کر کے مزید تفتیش شروع کر دی گئی ہے۔ عوام سے اپیل کی گئی ہے کہ وہ مشکوک افراد کی اطلاع فوری طور پر قریبی تھانے کو دیں۔ شہری حلقوں نے کارروائی کو سراہتے ہوئے امید ظاہر کی کہ امن و امان کی صورتحال مزید بہتر ہوگی۔

نمبر2
جنگ بندی مذاکرات

کراچی: شہر کے مختلف علاقوں میں پولیس نے کارروائی کرتے ہوئے متعدد ملزمان کو گرفتار کر لیا جبکہ ان کے قبضے سے اسلحہ اور مسروقہ سامان برآمد کر لیا گیا۔ حکام کے مطابق گرفتار ملزمان کے خلاف مقدمات درج کر کے مزید تفتیش شروع کر دی گئی ہے۔ عوام سے اپیل کی گئی ہے کہ وہ مشکوک افراد کی اطلاع فوری طور پر قریبی تھانے کو دیں۔ شہری حلقوں نے کارروائی کو سراہتے ہوئے امید ظاہر کی کہ امن و امان کی صورتحال مزید بہتر ہوگی۔

نمبر9
سینٹ پٹرولیم

کراچی: شہر کے مختلف علاقوں میں پولیس نے کارروائی کرتے ہوئے متعدد ملزمان کو گرفتار کر لیا جبکہ ان کے قبضے سے اسلحہ اور مسروقہ سامان برآمد کر لیا گیا۔ حکام کے مطابق گرفتار ملزمان کے خلاف مقدمات درج کر کے مزید تفتیش شروع کر دی گئی ہے۔ عوام سے اپیل کی گئی ہے کہ وہ مشکوک افراد کی اطلاع فوری طور پر قریبی تھانے کو دیں۔ شہری حلقوں نے کارروائی کو سراہتے ہوئے امید ظاہر کی کہ امن و امان کی صورتحال مزید بہتر ہوگی۔

نمبر3
امریکی بحری جہاز

کراچی: شہر کے مختلف علاقوں میں پولیس نے کارروائی کرتے ہوئے متعدد ملزمان کو گرفتار کر لیا جبکہ ان کے قبضے سے اسلحہ اور مسروقہ سامان برآمد کر لیا گیا۔ حکام کے مطابق گرفتار ملزمان کے خلاف مقدمات درج کر کے مزید تفتیش شروع کر دی گئی ہے۔ عوام سے اپیل کی گئی ہے کہ وہ مشکوک افراد کی اطلاع فوری طور پر قریبی تھانے کو دیں۔ شہری حلقوں نے کارروائی کو سراہتے ہوئے امید ظاہر کی کہ امن و امان کی صورتحال مزید بہتر ہوگی۔

نمبر4
آبنائے ہرمز

کراچی: شہر کے مختلف علاقوں میں پولیس نے کارروائی کرتے ہوئے متعدد ملزمان کو گرفتار کر لیا جبکہ ان کے قبضے سے اسلحہ اور مسروقہ سامان برآمد کر لیا گیا۔ حکام کے مطابق گرفتار ملزمان کے خلاف مقدمات درج کر کے مزید تفتیش شروع کر دی گئی ہے۔ عوام سے اپیل کی گئی ہے کہ وہ مشکوک افراد کی اطلاع فوری طور پر قریبی تھانے کو دیں۔ شہری حلقوں نے کارروائی کو سراہتے ہوئے امید ظاہر کی کہ امن و امان کی صورتحال مزید بہتر ہوگی۔

نمبر10
اسرائیلی فوج

کراچی: شہر کے مختلف علاقوں میں پولیس نے کارروائی کرتے ہوئے متعدد ملزمان کو گرفتار کر لیا جبکہ ان کے قبضے سے اسلحہ اور مسروقہ سامان برآمد کر لیا گیا۔ حکام کے مطابق گرفتار ملزمان کے خلاف مقدمات درج کر کے مزید تفتیش شروع کر دی گئی ہے۔ عوام سے اپیل کی گئی ہے کہ وہ مشکوک افراد کی اطلاع فوری طور پر قریبی تھانے کو دیں۔ شہری حلقوں نے کارروائی کو سراہتے ہوئے امید ظاہر کی کہ امن و امان کی صورتحال مزید بہتر ہوگی۔
